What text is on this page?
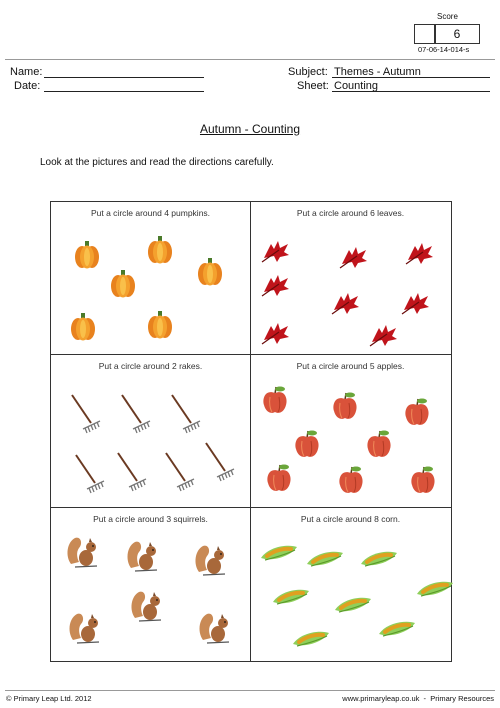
Score
6
07-06-14-014-s
Name:
Date:
Subject: Themes - Autumn
Sheet: Counting
Autumn - Counting
Look at the pictures and read the directions carefully.
Put a circle around 4 pumpkins.	Put a circle around 6 leaves.
Put a circle around 2 rakes.	Put a circle around 5 apples.
Put a circle around 3 squirrels.	Put a circle around 8 corn.
© Primary Leap Ltd. 2012	www.primaryleap.co.uk  -  Primary Resources
